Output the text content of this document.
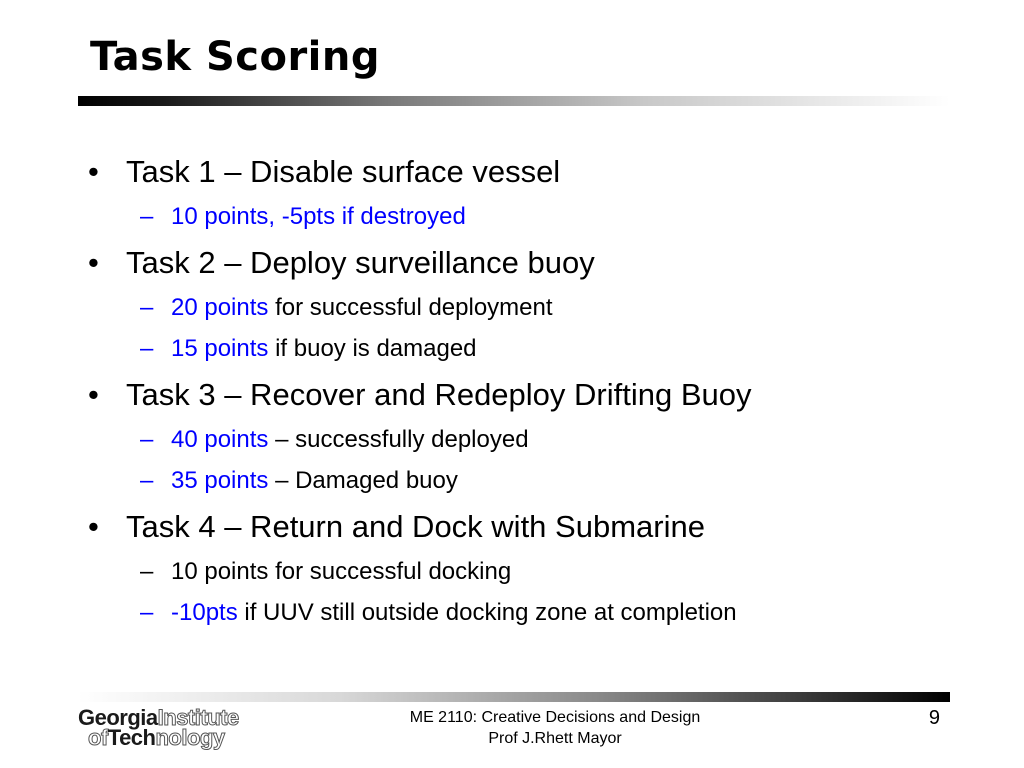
Task Scoring
• Task 1 – Disable surface vessel
– 10 points, -5pts if destroyed
• Task 2 – Deploy surveillance buoy
– 20 points for successful deployment
– 15 points if buoy is damaged
• Task 3 – Recover and Redeploy Drifting Buoy
– 40 points – successfully deployed
– 35 points – Damaged buoy
• Task 4 – Return and Dock with Submarine
– 10 points for successful docking
– -10pts if UUV still outside docking zone at completion
GeorgiaInstitute
ofTechnology
ME 2110: Creative Decisions and Design
Prof J.Rhett Mayor
9
